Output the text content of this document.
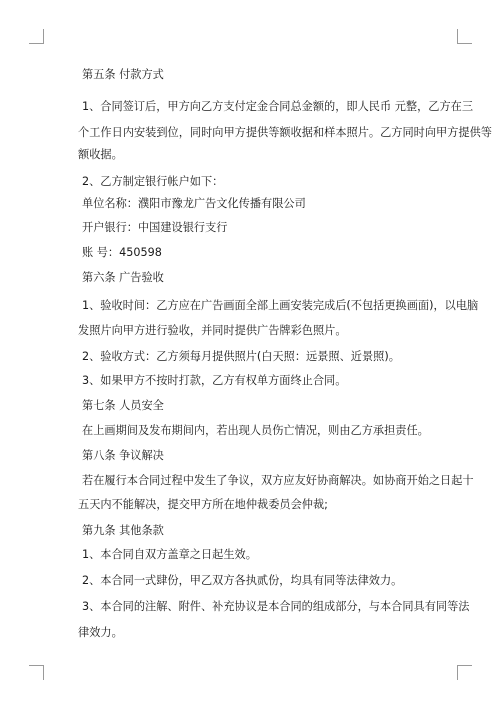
第五条 付款方式
1、合同签订后，甲方向乙方支付定金合同总金额的，即人民币 元整，乙方在三
个工作日内安装到位，同时向甲方提供等额收据和样本照片。乙方同时向甲方提供等
额收据。
2、乙方制定银行帐户如下：
单位名称：濮阳市豫龙广告文化传播有限公司
开户银行：中国建设银行支行
账 号：450598
第六条 广告验收
1、验收时间：乙方应在广告画面全部上画安装完成后(不包括更换画面)，以电脑
发照片向甲方进行验收，并同时提供广告牌彩色照片。
2、验收方式：乙方须每月提供照片(白天照：远景照、近景照)。
3、如果甲方不按时打款，乙方有权单方面终止合同。
第七条 人员安全
在上画期间及发布期间内，若出现人员伤亡情况，则由乙方承担责任。
第八条 争议解决
若在履行本合同过程中发生了争议，双方应友好协商解决。如协商开始之日起十
五天内不能解决，提交甲方所在地仲裁委员会仲裁;
第九条 其他条款
1、本合同自双方盖章之日起生效。
2、本合同一式肆份，甲乙双方各执贰份，均具有同等法律效力。
3、本合同的注解、附件、补充协议是本合同的组成部分，与本合同具有同等法
律效力。
